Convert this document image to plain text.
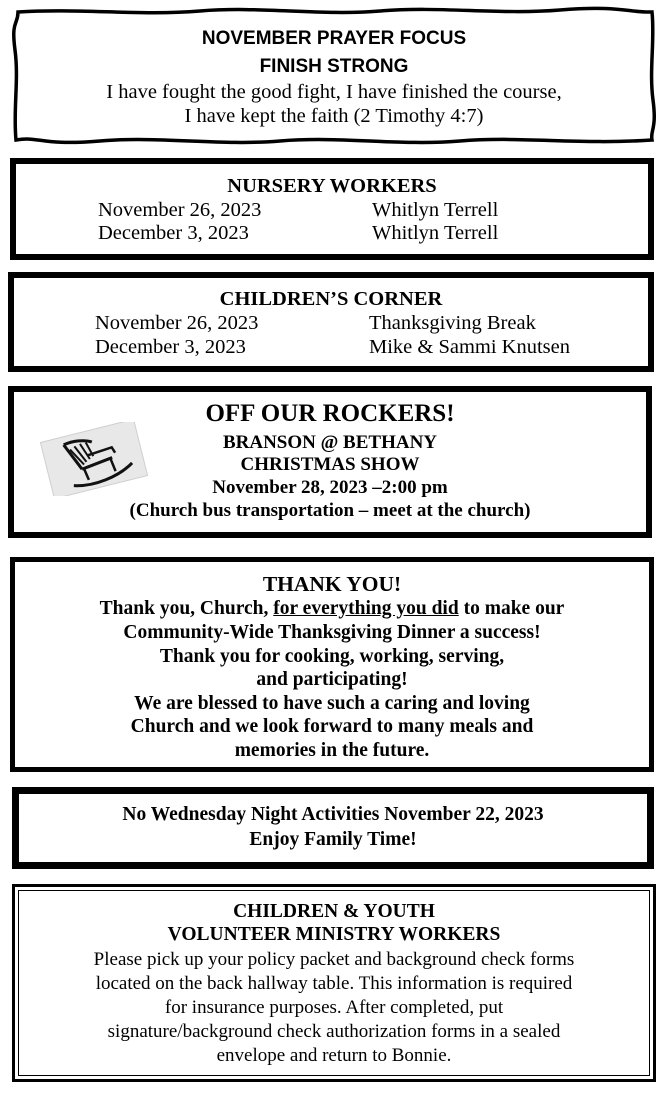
NOVEMBER PRAYER FOCUS
FINISH STRONG
I have fought the good fight, I have finished the course,
I have kept the faith (2 Timothy 4:7)
NURSERY WORKERS
November 26, 2023	Whitlyn Terrell
December 3, 2023	Whitlyn Terrell
CHILDREN’S CORNER
November 26, 2023	Thanksgiving Break
December 3, 2023	Mike & Sammi Knutsen
OFF OUR ROCKERS!
BRANSON @ BETHANY
CHRISTMAS SHOW
November 28, 2023 –2:00 pm
(Church bus transportation – meet at the church)
THANK YOU!
Thank you, Church, for everything you did to make our
Community-Wide Thanksgiving Dinner a success!
Thank you for cooking, working, serving,
and participating!
We are blessed to have such a caring and loving
Church and we look forward to many meals and
memories in the future.
No Wednesday Night Activities November 22, 2023
Enjoy Family Time!
CHILDREN & YOUTH
VOLUNTEER MINISTRY WORKERS
Please pick up your policy packet and background check forms
located on the back hallway table. This information is required
for insurance purposes. After completed, put
signature/background check authorization forms in a sealed
envelope and return to Bonnie.
